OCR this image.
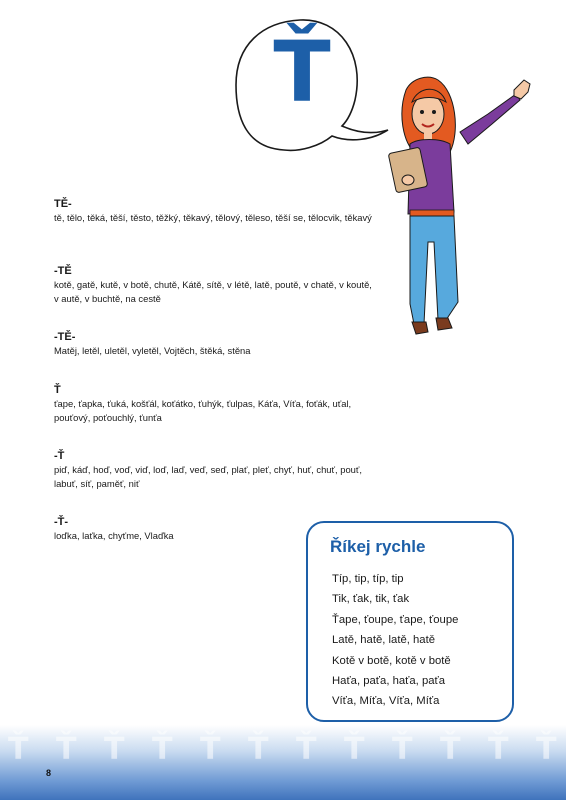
Ť
TĚ-
tě, tělo, těká, těší, těsto, těžký, těkavý, tělový, těleso, těší se, tělocvik, těkavý
-TĚ
kotě, gatě, kutě, v botě, chutě, Kátě, sítě, v létě, latě, poutě, v chatě, v koutě, v autě, v buchtě, na cestě
-TĚ-
Matěj, letěl, uletěl, vyletěl, Vojtěch, štěká, stěna
Ť
ťape, ťapka, ťuká, košťál, koťátko, ťuhýk, ťulpas, Káťa, Víťa, foťák, uťal, pouťový, poťouchlý, ťunťa
-Ť
piď, káď, hoď, voď, viď, loď, laď, veď, seď, plať, pleť, chyť, huť, chuť, pouť, labuť, síť, paměť, niť
-Ť-
loďka, laťka, chyťme, Vlaďka
Říkej rychle
Típ, tip, típ, tip
Tik, ťak, tik, ťak
Ťape, ťoupe, ťape, ťoupe
Latě, hatě, latě, hatě
Kotě v botě, kotě v botě
Haťa, paťa, haťa, paťa
Víťa, Míťa, Víťa, Míťa
Ť Ť Ť Ť Ť Ť Ť Ť Ť Ť Ť Ť
8
